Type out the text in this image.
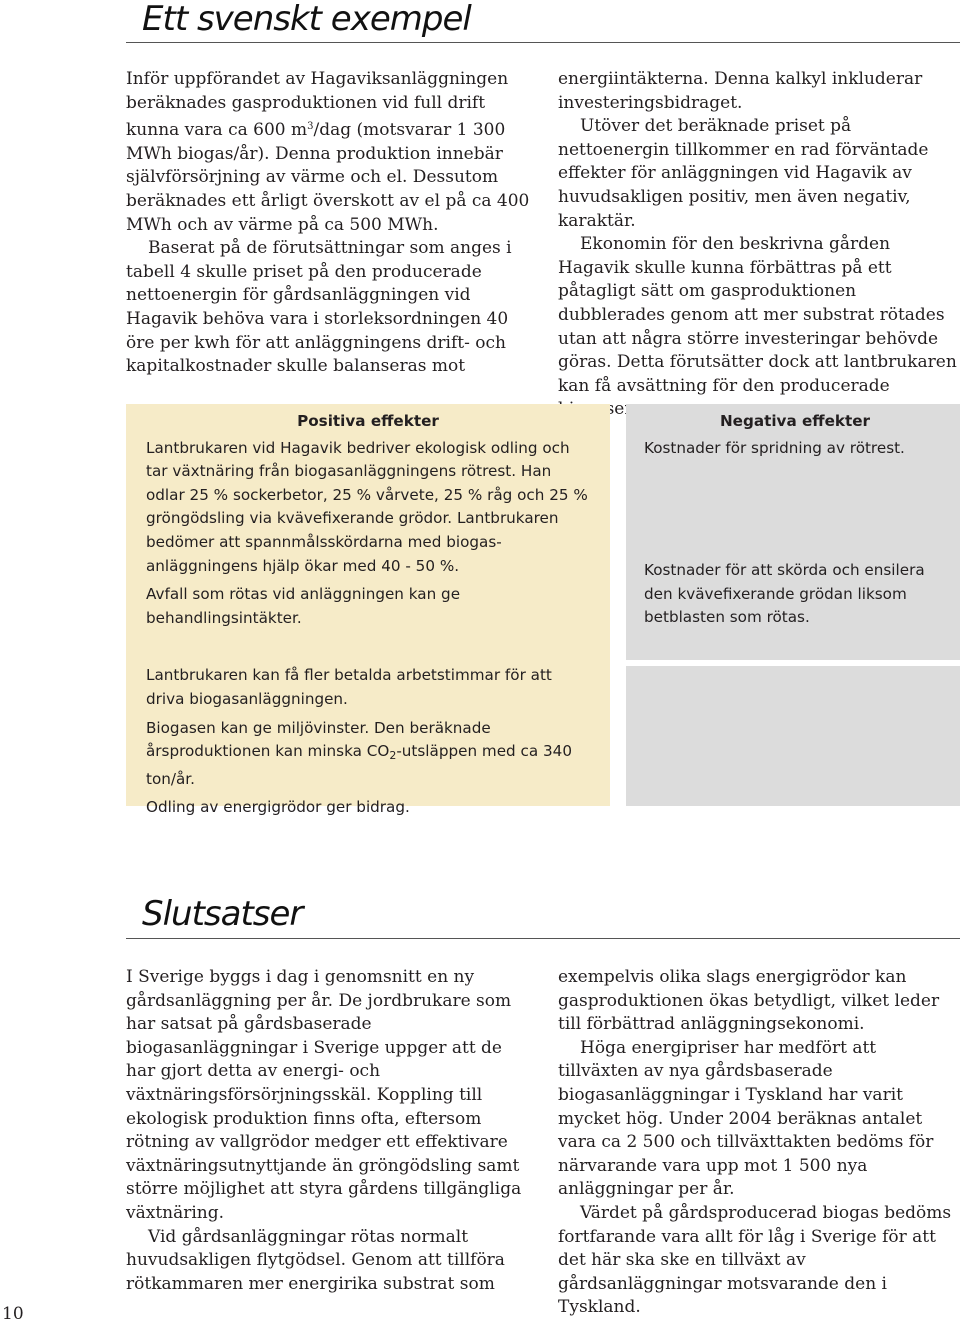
Ett svenskt exempel

Inför uppförandet av Hagaviksanläggningen beräknades gasproduktionen vid full drift kunna vara ca 600 $m^3$/dag (motsvarar 1 300 MWh biogas/år). Denna produktion innebär självförsörjning av värme och el. Dessutom beräknades ett årligt överskott av el på ca 400 MWh och av värme på ca 500 MWh.

Baserat på de förutsättningar som anges i tabell 4 skulle priset på den producerade nettoenergin för gårdsanläggningen vid Hagavik behöva vara i storleksordningen 40 öre per kwh för att anläggningens drift- och kapitalkostnader skulle balanseras mot

energiintäkterna. Denna kalkyl inkluderar investeringsbidraget.

Utöver det beräknade priset på nettoenergin tillkommer en rad förväntade effekter för anläggningen vid Hagavik av huvudsakligen positiv, men även negativ, karaktär.

Ekonomin för den beskrivna gården Hagavik skulle kunna förbättras på ett påtagligt sätt om gasproduktionen dubblerades genom att mer substrat rötades utan att några större investeringar behövde göras. Detta förutsätter dock att lantbrukaren kan få avsättning för den producerade

Positiva effekter

Lantbrukaren vid Hagavik bedriver ekologisk odling och tar växtnäring från biogasanläggningens rötrest. Han odlar 25 % sockerbetor, 25 % vårvete, 25 % råg och 25 % gröngödsling via kvävefixerande grödor. Lantbrukaren bedömer att spannmålsskördarna med biogas-anläggningens hjälp ökar med 40 - 50 %.

Avfall som rötas vid anläggningen kan ge behandlingsintäkter.

Lantbrukaren kan få fler betalda arbetstimmar för att driva biogasanläggningen.

Biogasen kan ge miljövinster. Den beräknade årsproduktionen kan minska $CO_2$-utsläppen med ca 340 ton/år.

Odling av energigrödor ger bidrag.

Negativa effekter

Kostnader för spridning av rötrest.

Kostnader för att skörda och ensilera den kvävefixerande grödan liksom betblasten som rötas.

Slutsatser

I Sverige byggs i dag i genomsnitt en ny gårdsanläggning per år. De jordbrukare som har satsat på gårdsbaserade biogasanläggningar i Sverige uppger att de har gjort detta av energi- och växtnäringsförsörjningsskäl. Koppling till ekologisk produktion finns ofta, eftersom rötning av vallgrödor medger ett effektivare växtnäringsutnyttjande än gröngödsling samt större möjlighet att styra gårdens tillgängliga växtnäring.

Vid gårdsanläggningar rötas normalt huvudsakligen flytgödsel. Genom att tillföra rötkammaren mer energirika substrat som

exempelvis olika slags energigrödor kan gasproduktionen ökas betydligt, vilket leder till förbättrad anläggningsekonomi.

Höga energipriser har medfört att tillväxten av nya gårdsbaserade biogasanläggningar i Tyskland har varit mycket hög. Under 2004 beräknas antalet vara ca 2 500 och tillväxttakten bedöms för närvarande vara upp mot 1 500 nya anläggningar per år.

Värdet på gårdsproducerad biogas bedöms fortfarande vara allt för låg i Sverige för att det här ska ske en tillväxt av gårdsanläggningar motsvarande den i Tyskland.

10
